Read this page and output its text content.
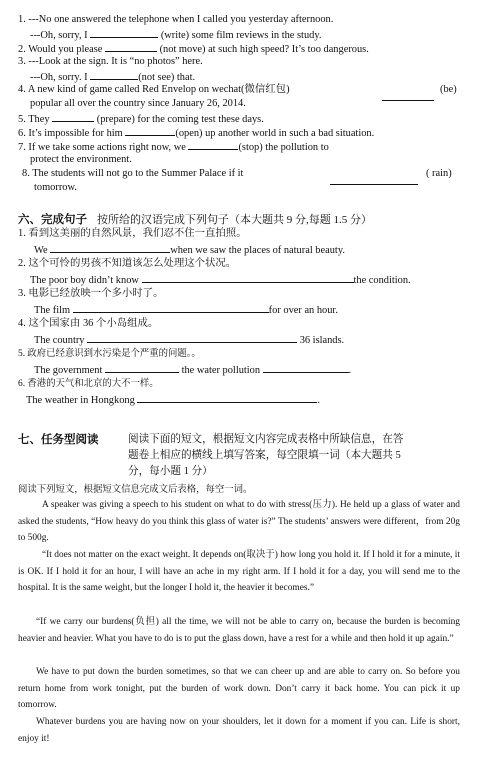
1. ---No one answered the telephone when I called you yesterday afternoon.
---Oh, sorry, I	(write) some film reviews in the study.
2. Would you please	(not move) at such high speed? It’s too dangerous.
3. ---Look at the sign. It is “no photos” here.
---Oh, sorry. I	(not see) that.
4. A new kind of game called Red Envelop on wechat(微信红包)	(be)
popular all over the country since January 26, 2014.
5. They	(prepare) for the coming test these days.
6. It’s impossible for him	(open) up another world in such a bad situation.
7. If we take some actions right now, we	(stop) the pollution to
protect the environment.
8. The students will not go to the Summer Palace if it	( rain)
tomorrow.
六、完成句子 按所给的汉语完成下列句子（本大题共 9 分,每题 1.5 分）
1. 看到这美丽的自然风景，我们忍不住一直拍照。
We	when we saw the places of natural beauty.
2. 这个可怜的男孩不知道该怎么处理这个状况。
The poor boy didn’t know	the condition.
3. 电影已经放映一个多小时了。
The film	for over an hour.
4. 这个国家由 36 个小岛组成。
The country	36 islands.
5. 政府已经意识到水污染是个严重的问题。。
The government	the water pollution	.
6. 香港的天气和北京的大不一样。
The weather in Hongkong	.
七、任务型阅读	阅读下面的短文，根据短文内容完成表格中所缺信息，在答
题卷上相应的横线上填写答案，每空限填一词（本大题共 5
分，每小题 1 分）
阅读下列短文，根据短文信息完成文后表格，每空一词。
A speaker was giving a speech to his student on what to do with stress(压力). He held up a glass of water and asked the students, “How heavy do you think this glass of water is?” The students’ answers were different，from 20g to 500g.
“It does not matter on the exact weight. It depends on(取决于) how long you hold it. If I hold it for a minute, it is OK. If I hold it for an hour, I will have an ache in my right arm. If I hold it for a day, you will send me to the hospital. It is the same weight, but the longer I hold it, the heavier it becomes.”
“If we carry our burdens(负担) all the time, we will not be able to carry on, because the burden is becoming heavier and heavier. What you have to do is to put the glass down, have a rest for a while and then hold it up again.”
We have to put down the burden sometimes, so that we can cheer up and are able to carry on. So before you return home from work tonight, put the burden of work down. Don’t carry it back home. You can pick it up tomorrow.
Whatever burdens you are having now on your shoulders, let it down for a moment if you can. Life is short, enjoy it!
